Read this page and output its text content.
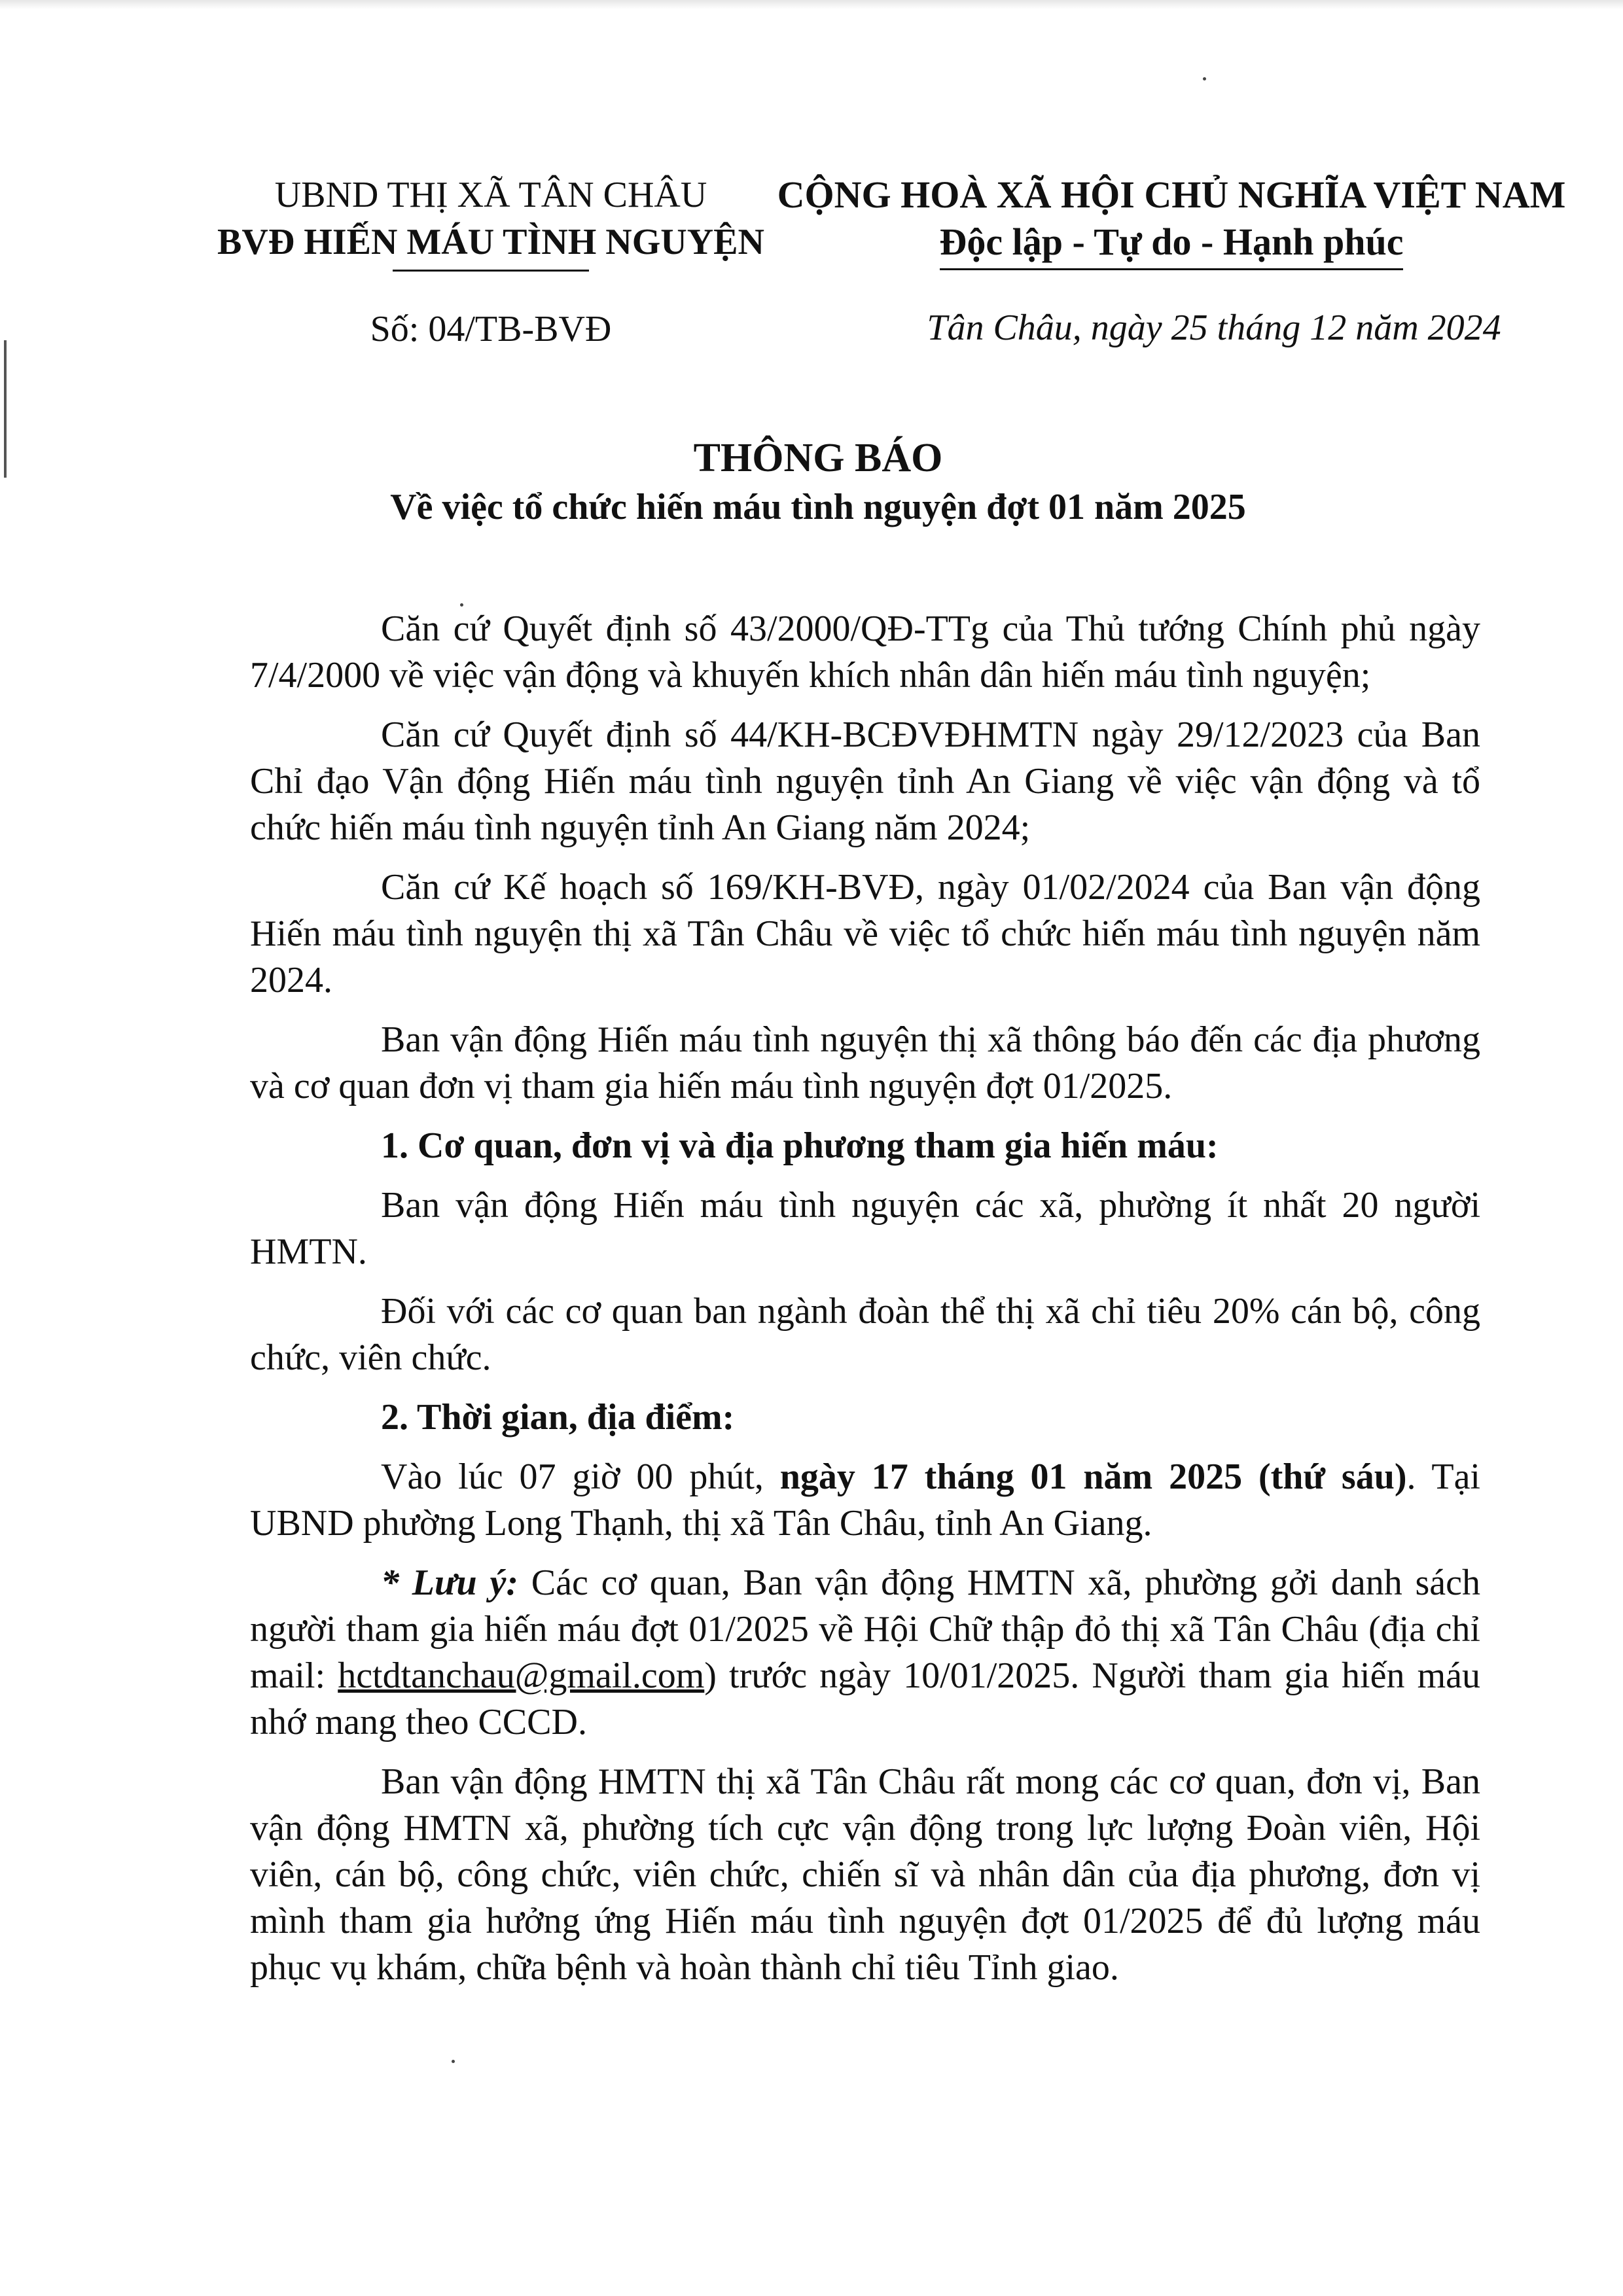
UBND THỊ XÃ TÂN CHÂU
BVĐ HIẾN MÁU TÌNH NGUYỆN
Số: 04/TB-BVĐ
CỘNG HOÀ XÃ HỘI CHỦ NGHĨA VIỆT NAM
Độc lập - Tự do - Hạnh phúc
Tân Châu, ngày 25 tháng 12 năm 2024
THÔNG BÁO
Về việc tổ chức hiến máu tình nguyện đợt 01 năm 2025

Căn cứ Quyết định số 43/2000/QĐ-TTg của Thủ tướng Chính phủ ngày 7/4/2000 về việc vận động và khuyến khích nhân dân hiến máu tình nguyện;

Căn cứ Quyết định số 44/KH-BCĐVĐHMTN ngày 29/12/2023 của Ban Chỉ đạo Vận động Hiến máu tình nguyện tỉnh An Giang về việc vận động và tổ chức hiến máu tình nguyện tỉnh An Giang năm 2024;

Căn cứ Kế hoạch số 169/KH-BVĐ, ngày 01/02/2024 của Ban vận động Hiến máu tình nguyện thị xã Tân Châu về việc tổ chức hiến máu tình nguyện năm 2024.

Ban vận động Hiến máu tình nguyện thị xã thông báo đến các địa phương và cơ quan đơn vị tham gia hiến máu tình nguyện đợt 01/2025.

1. Cơ quan, đơn vị và địa phương tham gia hiến máu:

Ban vận động Hiến máu tình nguyện các xã, phường ít nhất 20 người HMTN.

Đối với các cơ quan ban ngành đoàn thể thị xã chỉ tiêu 20% cán bộ, công chức, viên chức.

2. Thời gian, địa điểm:

Vào lúc 07 giờ 00 phút, ngày 17 tháng 01 năm 2025 (thứ sáu). Tại UBND phường Long Thạnh, thị xã Tân Châu, tỉnh An Giang.

* Lưu ý: Các cơ quan, Ban vận động HMTN xã, phường gởi danh sách người tham gia hiến máu đợt 01/2025 về Hội Chữ thập đỏ thị xã Tân Châu (địa chỉ mail: hctdtanchau@gmail.com) trước ngày 10/01/2025. Người tham gia hiến máu nhớ mang theo CCCD.

Ban vận động HMTN thị xã Tân Châu rất mong các cơ quan, đơn vị, Ban vận động HMTN xã, phường tích cực vận động trong lực lượng Đoàn viên, Hội viên, cán bộ, công chức, viên chức, chiến sĩ và nhân dân của địa phương, đơn vị mình tham gia hưởng ứng Hiến máu tình nguyện đợt 01/2025 để đủ lượng máu phục vụ khám, chữa bệnh và hoàn thành chỉ tiêu Tỉnh giao.
